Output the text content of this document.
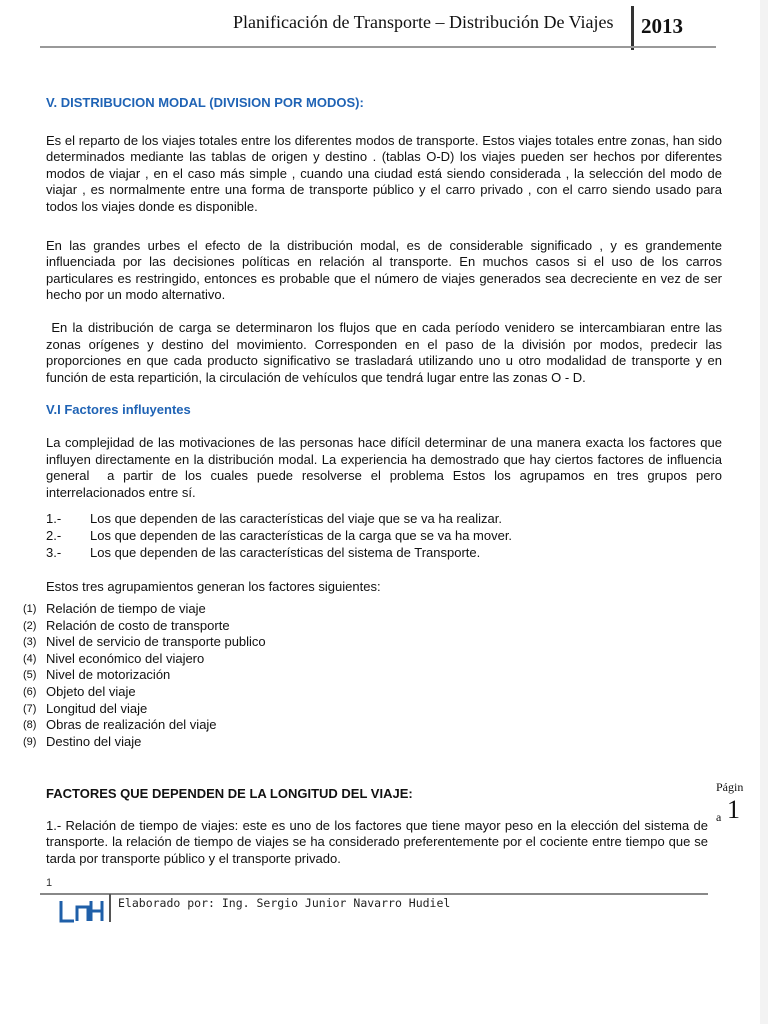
Planificación de Transporte – Distribución De Viajes 2013
V. DISTRIBUCION MODAL (DIVISION POR MODOS):

Es el reparto de los viajes totales entre los diferentes modos de transporte. Estos viajes totales entre zonas, han sido determinados mediante las tablas de origen y destino . (tablas O-D) los viajes pueden ser hechos por diferentes modos de viajar , en el caso más simple , cuando una ciudad está siendo considerada , la selección del modo de viajar , es normalmente entre una forma de transporte público y el carro privado , con el carro siendo usado para todos los viajes donde es disponible.

En las grandes urbes el efecto de la distribución modal, es de considerable significado , y es grandemente influenciada por las decisiones políticas en relación al transporte. En muchos casos si el uso de los carros particulares es restringido, entonces es probable que el número de viajes generados sea decreciente en vez de ser hecho por un modo alternativo.

En la distribución de carga se determinaron los flujos que en cada período venidero se intercambiaran entre las zonas orígenes y destino del movimiento. Corresponden en el paso de la división por modos, predecir las proporciones en que cada producto significativo se trasladará utilizando uno u otro modalidad de transporte y en función de esta repartición, la circulación de vehículos que tendrá lugar entre las zonas O - D.

V.I Factores influyentes

La complejidad de las motivaciones de las personas hace difícil determinar de una manera exacta los factores que influyen directamente en la distribución modal. La experiencia ha demostrado que hay ciertos factores de influencia general  a partir de los cuales puede resolverse el problema Estos los agrupamos en tres grupos pero interrelacionados entre sí.

1.-	Los que dependen de las características del viaje que se va ha realizar.
2.-	Los que dependen de las características de la carga que se va ha mover.
3.-	Los que dependen de las características del sistema de Transporte.

Estos tres agrupamientos generan los factores siguientes:

(1) Relación de tiempo de viaje
(2) Relación de costo de transporte
(3) Nivel de servicio de transporte publico
(4) Nivel económico del viajero
(5) Nivel de motorización
(6) Objeto del viaje
(7) Longitud del viaje
(8) Obras de realización del viaje
(9) Destino del viaje
FACTORES QUE DEPENDEN DE LA LONGITUD DEL VIAJE:

1.- Relación de tiempo de viajes: este es uno de los factores que tiene mayor peso en la elección del sistema de transporte. la relación de tiempo de viajes se ha considerado preferentemente por el cociente entre tiempo que se tarda por transporte público y el transporte privado.

Págin
a 1
1
Elaborado por: Ing. Sergio Junior Navarro Hudiel
